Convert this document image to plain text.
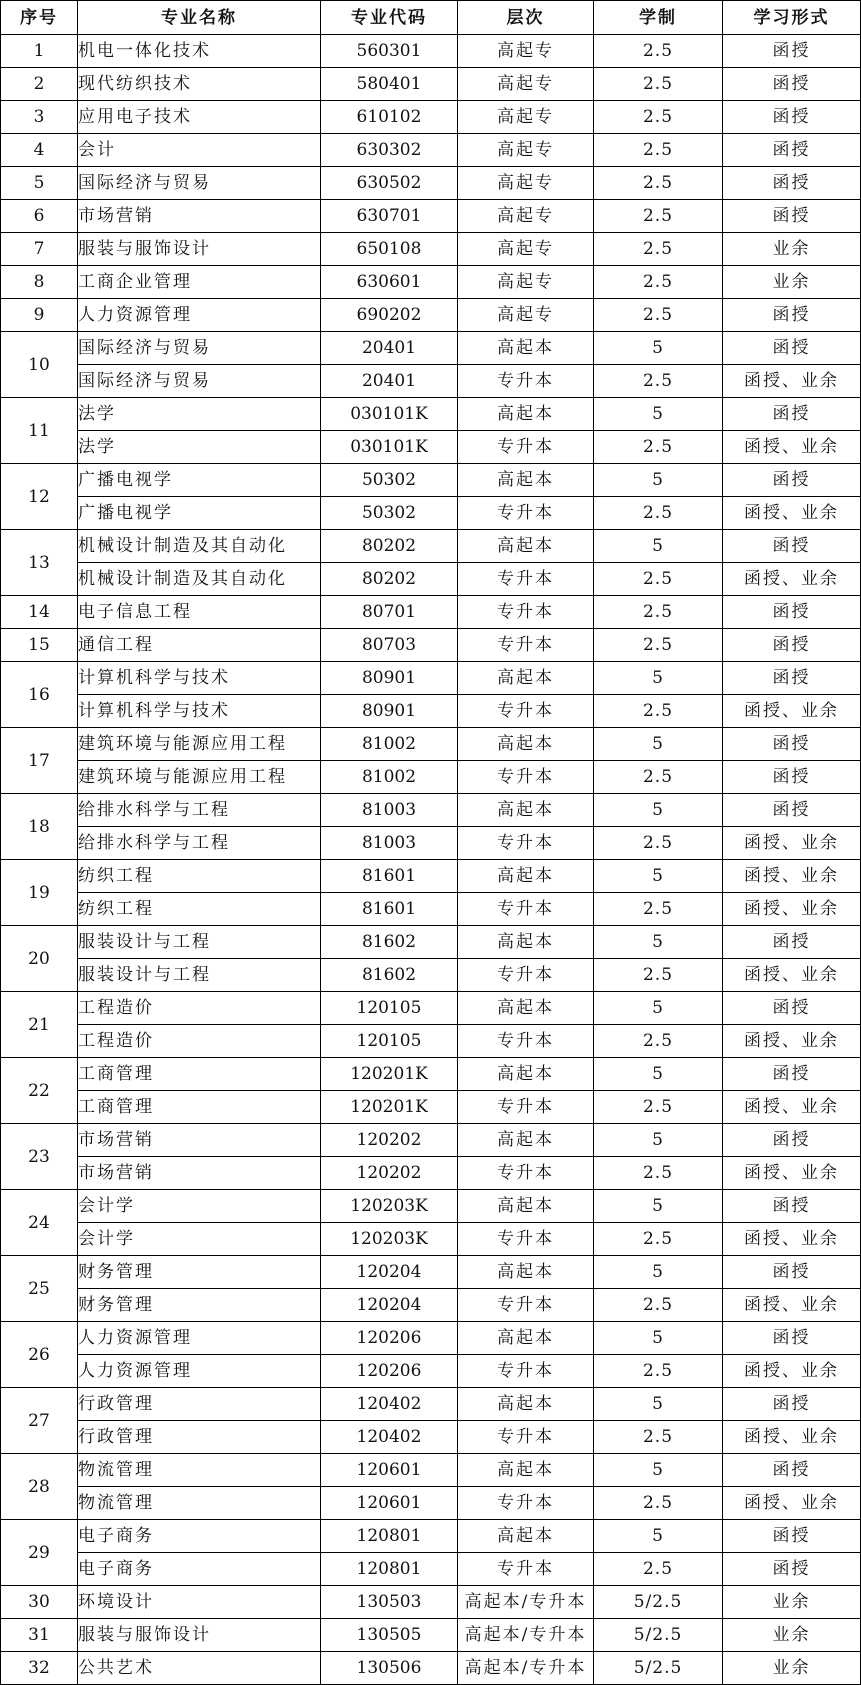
序号	专业名称	专业代码	层次	学制	学习形式
1	机电一体化技术	560301	高起专	2.5	函授
2	现代纺织技术	580401	高起专	2.5	函授
3	应用电子技术	610102	高起专	2.5	函授
4	会计	630302	高起专	2.5	函授
5	国际经济与贸易	630502	高起专	2.5	函授
6	市场营销	630701	高起专	2.5	函授
7	服装与服饰设计	650108	高起专	2.5	业余
8	工商企业管理	630601	高起专	2.5	业余
9	人力资源管理	690202	高起专	2.5	函授
10	国际经济与贸易	20401	高起本	5	函授
	国际经济与贸易	20401	专升本	2.5	函授、业余
11	法学	030101K	高起本	5	函授
	法学	030101K	专升本	2.5	函授、业余
12	广播电视学	50302	高起本	5	函授
	广播电视学	50302	专升本	2.5	函授、业余
13	机械设计制造及其自动化	80202	高起本	5	函授
	机械设计制造及其自动化	80202	专升本	2.5	函授、业余
14	电子信息工程	80701	专升本	2.5	函授
15	通信工程	80703	专升本	2.5	函授
16	计算机科学与技术	80901	高起本	5	函授
	计算机科学与技术	80901	专升本	2.5	函授、业余
17	建筑环境与能源应用工程	81002	高起本	5	函授
	建筑环境与能源应用工程	81002	专升本	2.5	函授
18	给排水科学与工程	81003	高起本	5	函授
	给排水科学与工程	81003	专升本	2.5	函授、业余
19	纺织工程	81601	高起本	5	函授、业余
	纺织工程	81601	专升本	2.5	函授、业余
20	服装设计与工程	81602	高起本	5	函授
	服装设计与工程	81602	专升本	2.5	函授、业余
21	工程造价	120105	高起本	5	函授
	工程造价	120105	专升本	2.5	函授、业余
22	工商管理	120201K	高起本	5	函授
	工商管理	120201K	专升本	2.5	函授、业余
23	市场营销	120202	高起本	5	函授
	市场营销	120202	专升本	2.5	函授、业余
24	会计学	120203K	高起本	5	函授
	会计学	120203K	专升本	2.5	函授、业余
25	财务管理	120204	高起本	5	函授
	财务管理	120204	专升本	2.5	函授、业余
26	人力资源管理	120206	高起本	5	函授
	人力资源管理	120206	专升本	2.5	函授、业余
27	行政管理	120402	高起本	5	函授
	行政管理	120402	专升本	2.5	函授、业余
28	物流管理	120601	高起本	5	函授
	物流管理	120601	专升本	2.5	函授、业余
29	电子商务	120801	高起本	5	函授
	电子商务	120801	专升本	2.5	函授
30	环境设计	130503	高起本/专升本	5/2.5	业余
31	服装与服饰设计	130505	高起本/专升本	5/2.5	业余
32	公共艺术	130506	高起本/专升本	5/2.5	业余
